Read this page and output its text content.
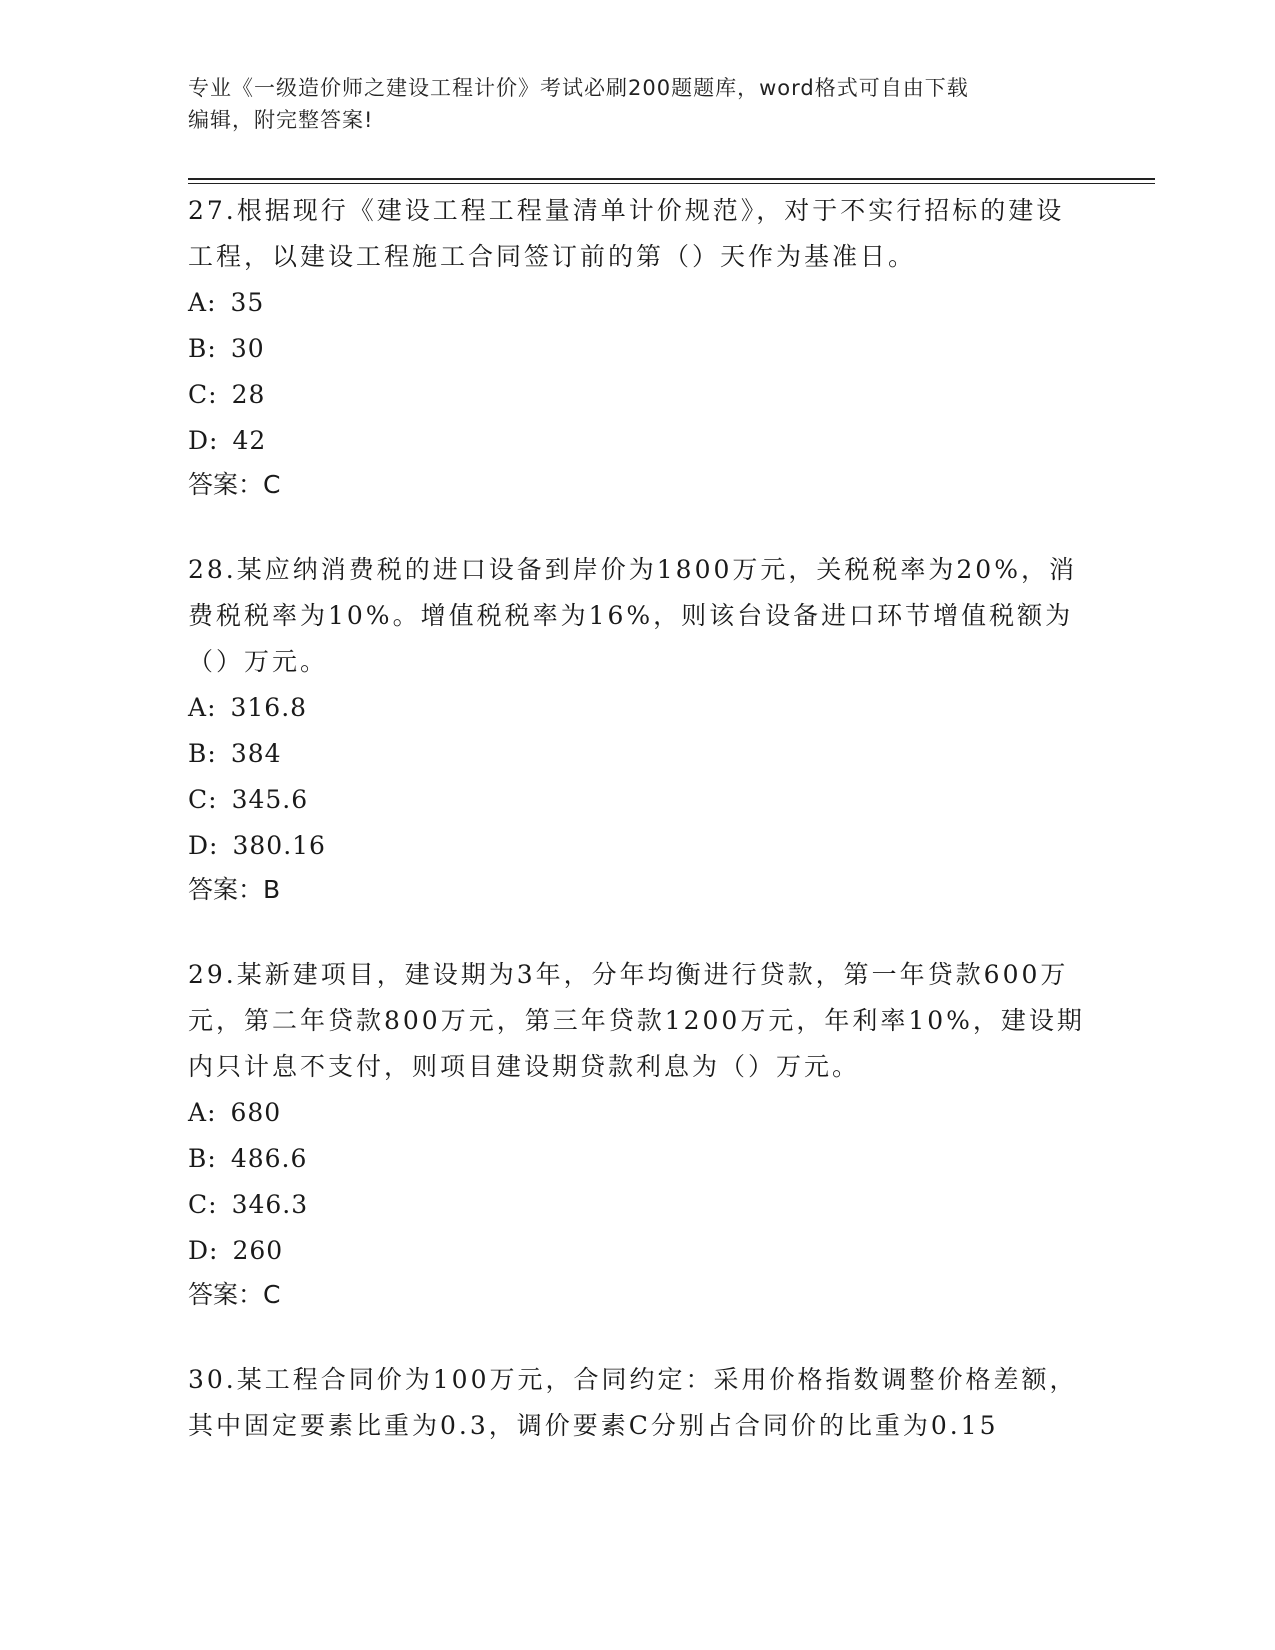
专业《一级造价师之建设工程计价》考试必刷200题题库，word格式可自由下载
编辑，附完整答案!

27.根据现行《建设工程工程量清单计价规范》，对于不实行招标的建设工程，以建设工程施工合同签订前的第（）天作为基准日。

A: 35

B: 30

C: 28

D: 42

答案：C

28.某应纳消费税的进口设备到岸价为1800万元，关税税率为20%，消费税税率为10%。增值税税率为16%，则该台设备进口环节增值税额为（）万元。

A: 316.8

B: 384

C: 345.6

D: 380.16

答案：B

29.某新建项目，建设期为3年，分年均衡进行贷款，第一年贷款600万元，第二年贷款800万元，第三年贷款1200万元，年利率10%，建设期内只计息不支付，则项目建设期贷款利息为（）万元。

A: 680

B: 486.6

C: 346.3

D: 260

答案：C

30.某工程合同价为100万元，合同约定：采用价格指数调整价格差额，其中固定要素比重为0.3，调价要素C分别占合同价的比重为0.15
